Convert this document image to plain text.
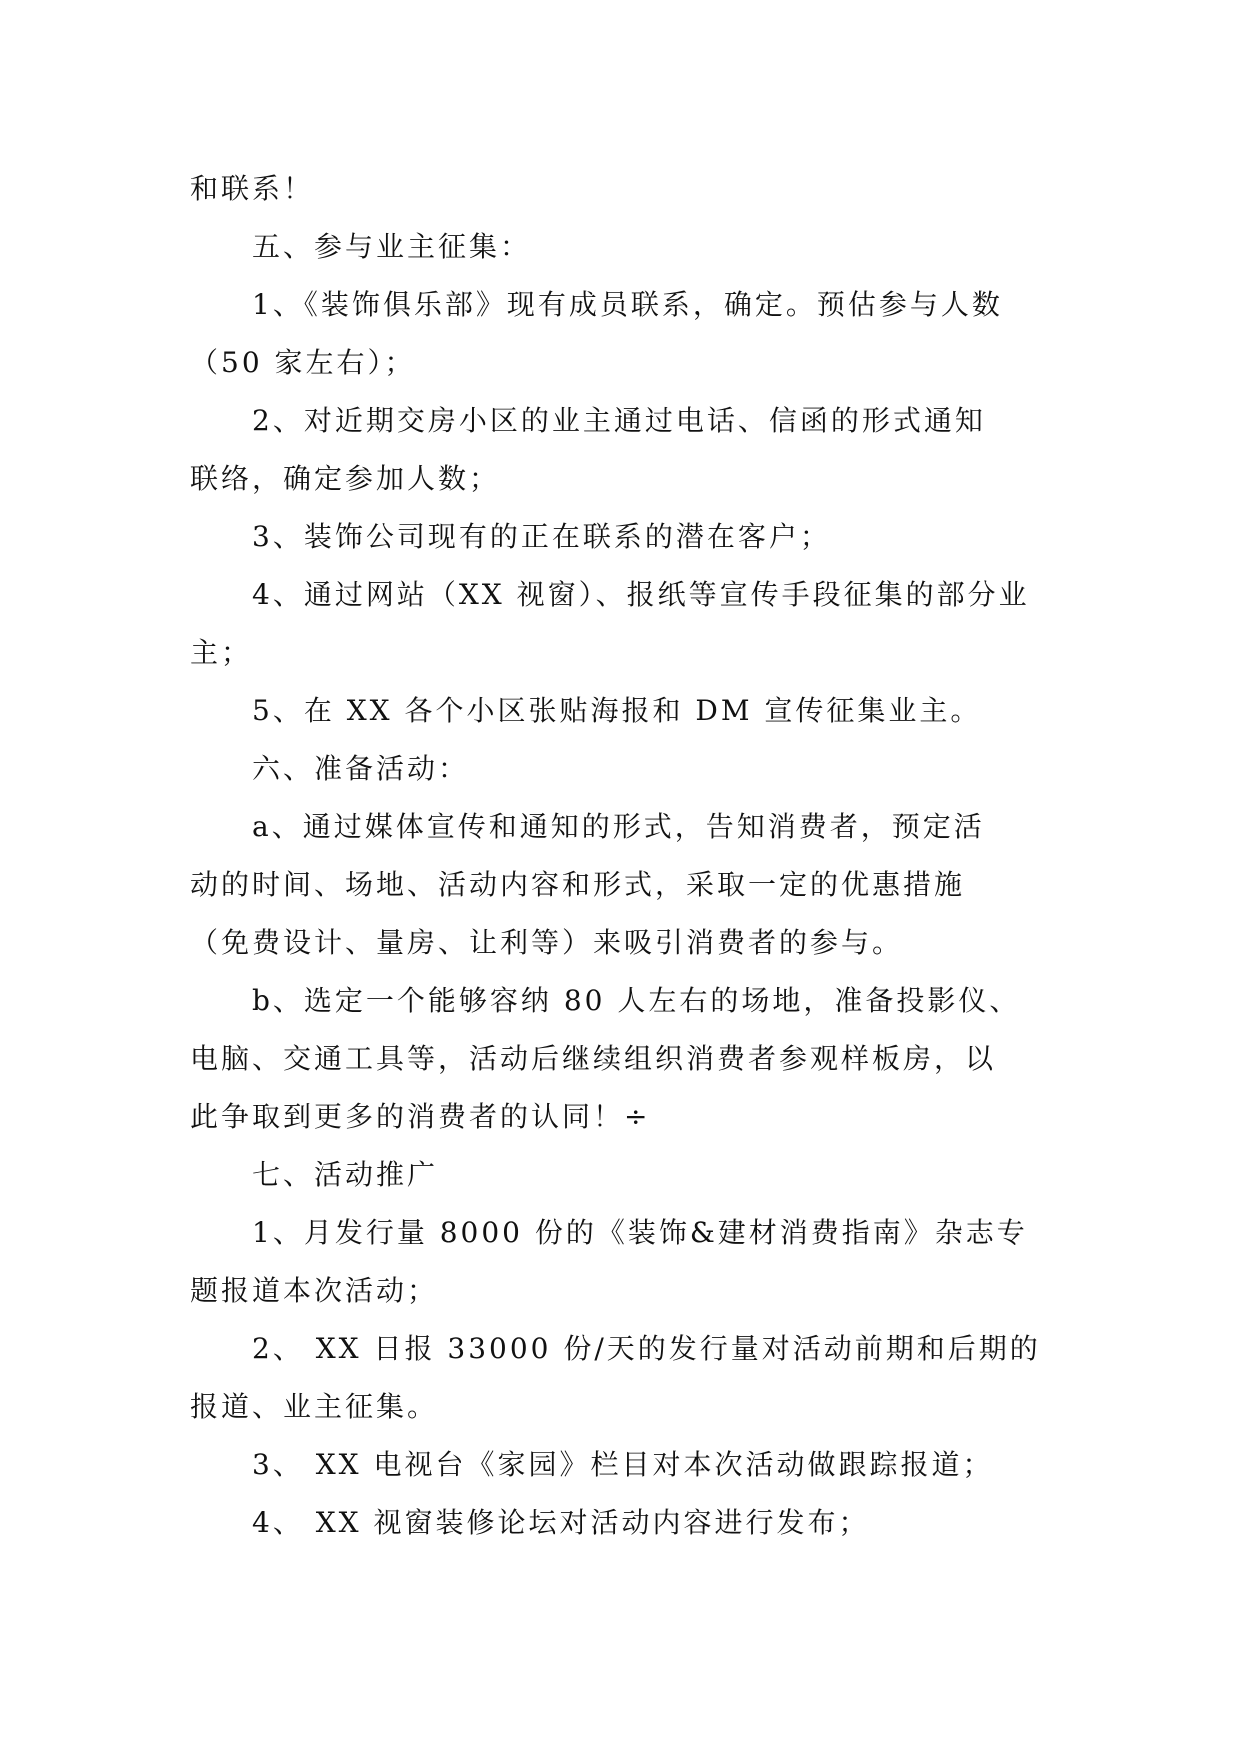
和联系！
五、参与业主征集：
1、《装饰俱乐部》现有成员联系，确定。预估参与人数
（50 家左右）；
2、对近期交房小区的业主通过电话、信函的形式通知
联络，确定参加人数；
3、装饰公司现有的正在联系的潜在客户；
4、通过网站（XX 视窗）、报纸等宣传手段征集的部分业
主；
5、在 XX 各个小区张贴海报和 DM 宣传征集业主。
六、准备活动：
a、通过媒体宣传和通知的形式，告知消费者，预定活
动的时间、场地、活动内容和形式，采取一定的优惠措施
（免费设计、量房、让利等）来吸引消费者的参与。
b、选定一个能够容纳 80 人左右的场地，准备投影仪、
电脑、交通工具等，活动后继续组织消费者参观样板房，以
此争取到更多的消费者的认同！÷
七、活动推广
1、月发行量 8000 份的《装饰&建材消费指南》杂志专
题报道本次活动；
2、 XX 日报 33000 份/天的发行量对活动前期和后期的
报道、业主征集。
3、 XX 电视台《家园》栏目对本次活动做跟踪报道；
4、 XX 视窗装修论坛对活动内容进行发布；
